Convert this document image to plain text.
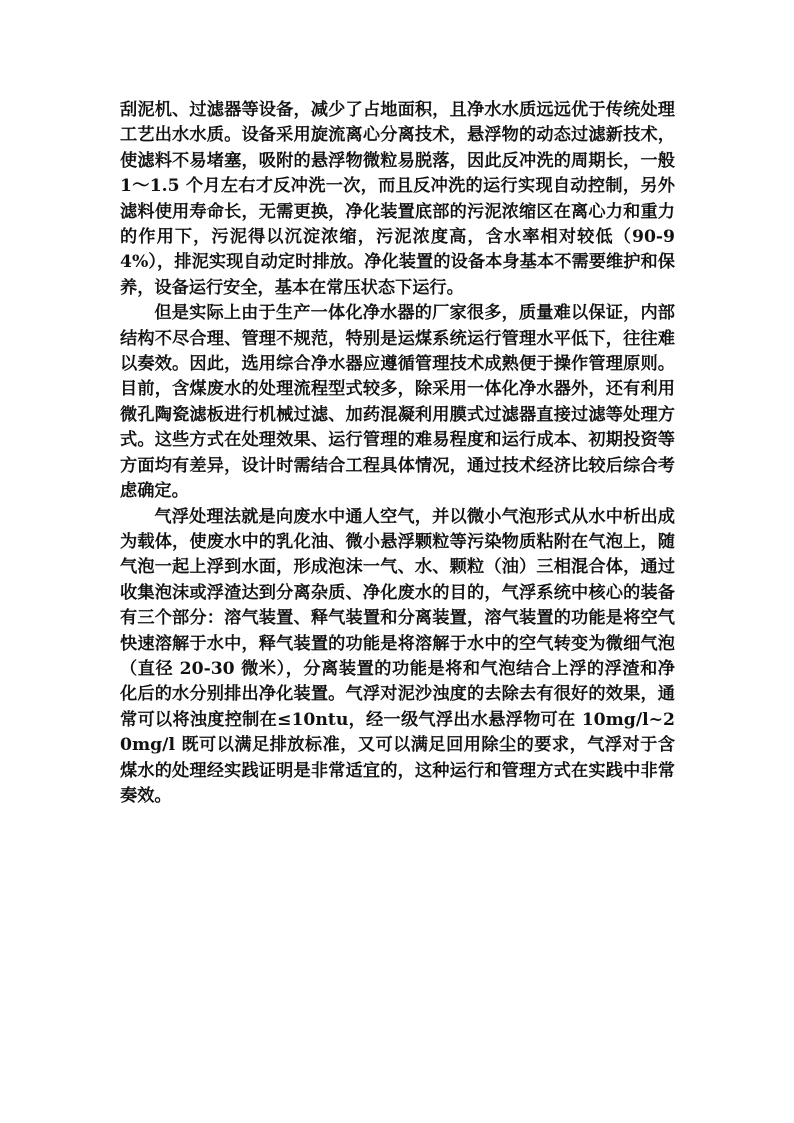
刮泥机、过滤器等设备，减少了占地面积，且净水水质远远优于传统处理工艺出水水质。设备采用旋流离心分离技术，悬浮物的动态过滤新技术，使滤料不易堵塞，吸附的悬浮物微粒易脱落，因此反冲洗的周期长，一般 1～1.5 个月左右才反冲洗一次，而且反冲洗的运行实现自动控制，另外滤料使用寿命长，无需更换，净化装置底部的污泥浓缩区在离心力和重力的作用下，污泥得以沉淀浓缩，污泥浓度高，含水率相对较低（90-94%），排泥实现自动定时排放。净化装置的设备本身基本不需要维护和保养，设备运行安全，基本在常压状态下运行。

但是实际上由于生产一体化净水器的厂家很多，质量难以保证，内部结构不尽合理、管理不规范，特别是运煤系统运行管理水平低下，往往难以奏效。因此，选用综合净水器应遵循管理技术成熟便于操作管理原则。目前，含煤废水的处理流程型式较多，除采用一体化净水器外，还有利用微孔陶瓷滤板进行机械过滤、加药混凝利用膜式过滤器直接过滤等处理方式。这些方式在处理效果、运行管理的难易程度和运行成本、初期投资等方面均有差异，设计时需结合工程具体情况，通过技术经济比较后综合考虑确定。

气浮处理法就是向废水中通人空气，并以微小气泡形式从水中析出成为载体，使废水中的乳化油、微小悬浮颗粒等污染物质粘附在气泡上，随气泡一起上浮到水面，形成泡沫一气、水、颗粒（油）三相混合体，通过收集泡沫或浮渣达到分离杂质、净化废水的目的，气浮系统中核心的装备有三个部分：溶气装置、释气装置和分离装置，溶气装置的功能是将空气快速溶解于水中，释气装置的功能是将溶解于水中的空气转变为微细气泡（直径 20-30 微米），分离装置的功能是将和气泡结合上浮的浮渣和净化后的水分别排出净化装置。气浮对泥沙浊度的去除去有很好的效果，通常可以将浊度控制在≤10ntu，经一级气浮出水悬浮物可在 10mg/l~20mg/l 既可以满足排放标准，又可以满足回用除尘的要求，气浮对于含煤水的处理经实践证明是非常适宜的，这种运行和管理方式在实践中非常奏效。
